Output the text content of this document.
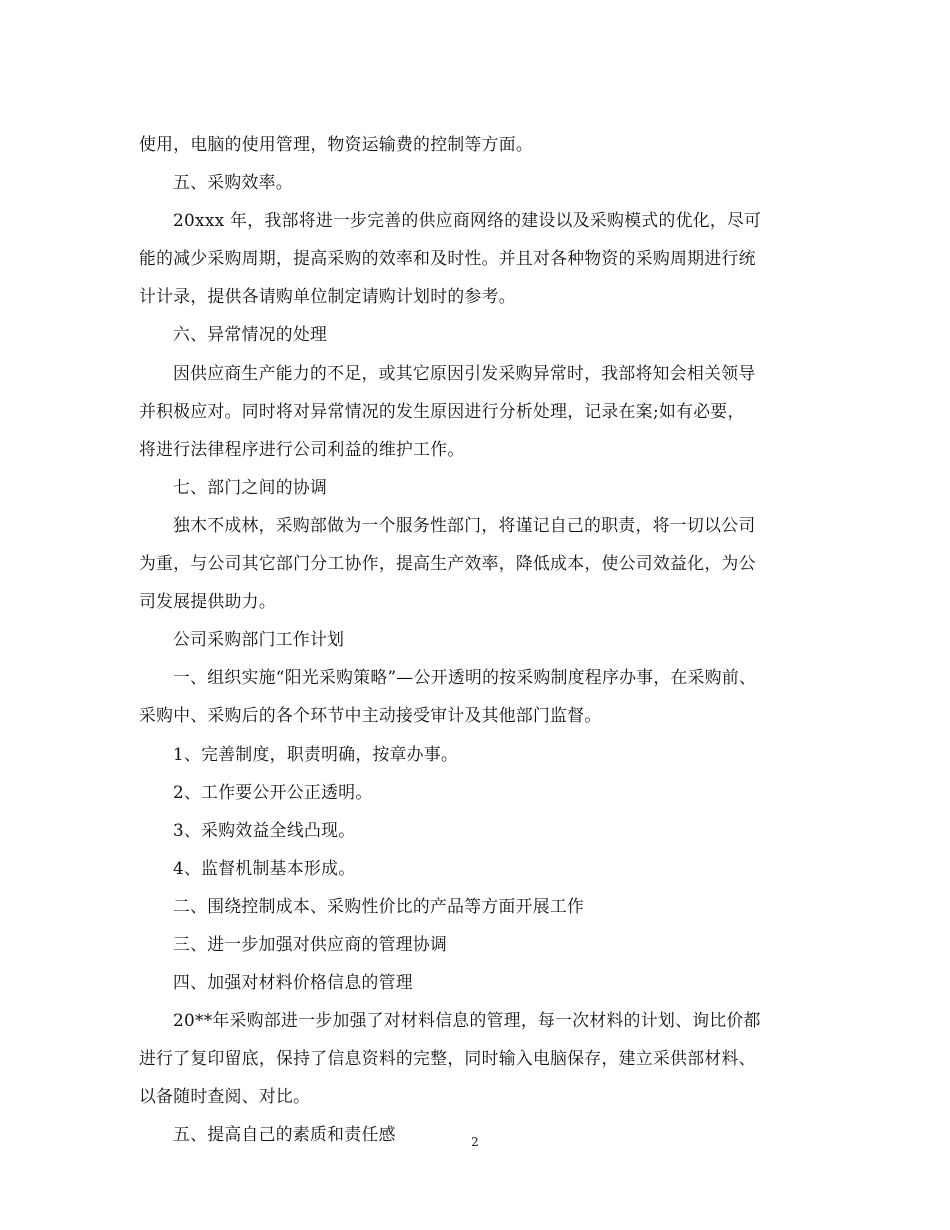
使用，电脑的使用管理，物资运输费的控制等方面。
五、采购效率。
20xxx 年，我部将进一步完善的供应商网络的建设以及采购模式的优化，尽可
能的减少采购周期，提高采购的效率和及时性。并且对各种物资的采购周期进行统
计计录，提供各请购单位制定请购计划时的参考。
六、异常情况的处理
因供应商生产能力的不足，或其它原因引发采购异常时，我部将知会相关领导
并积极应对。同时将对异常情况的发生原因进行分析处理，记录在案;如有必要，
将进行法律程序进行公司利益的维护工作。
七、部门之间的协调
独木不成林，采购部做为一个服务性部门，将谨记自己的职责，将一切以公司
为重，与公司其它部门分工协作，提高生产效率，降低成本，使公司效益化，为公
司发展提供助力。
公司采购部门工作计划
一、组织实施“阳光采购策略”—公开透明的按采购制度程序办事，在采购前、
采购中、采购后的各个环节中主动接受审计及其他部门监督。
1、完善制度，职责明确，按章办事。
2、工作要公开公正透明。
3、采购效益全线凸现。
4、监督机制基本形成。
二、围绕控制成本、采购性价比的产品等方面开展工作
三、进一步加强对供应商的管理协调
四、加强对材料价格信息的管理
20**年采购部进一步加强了对材料信息的管理，每一次材料的计划、询比价都
进行了复印留底，保持了信息资料的完整，同时输入电脑保存，建立采供部材料、
以备随时查阅、对比。
五、提高自己的素质和责任感	2
